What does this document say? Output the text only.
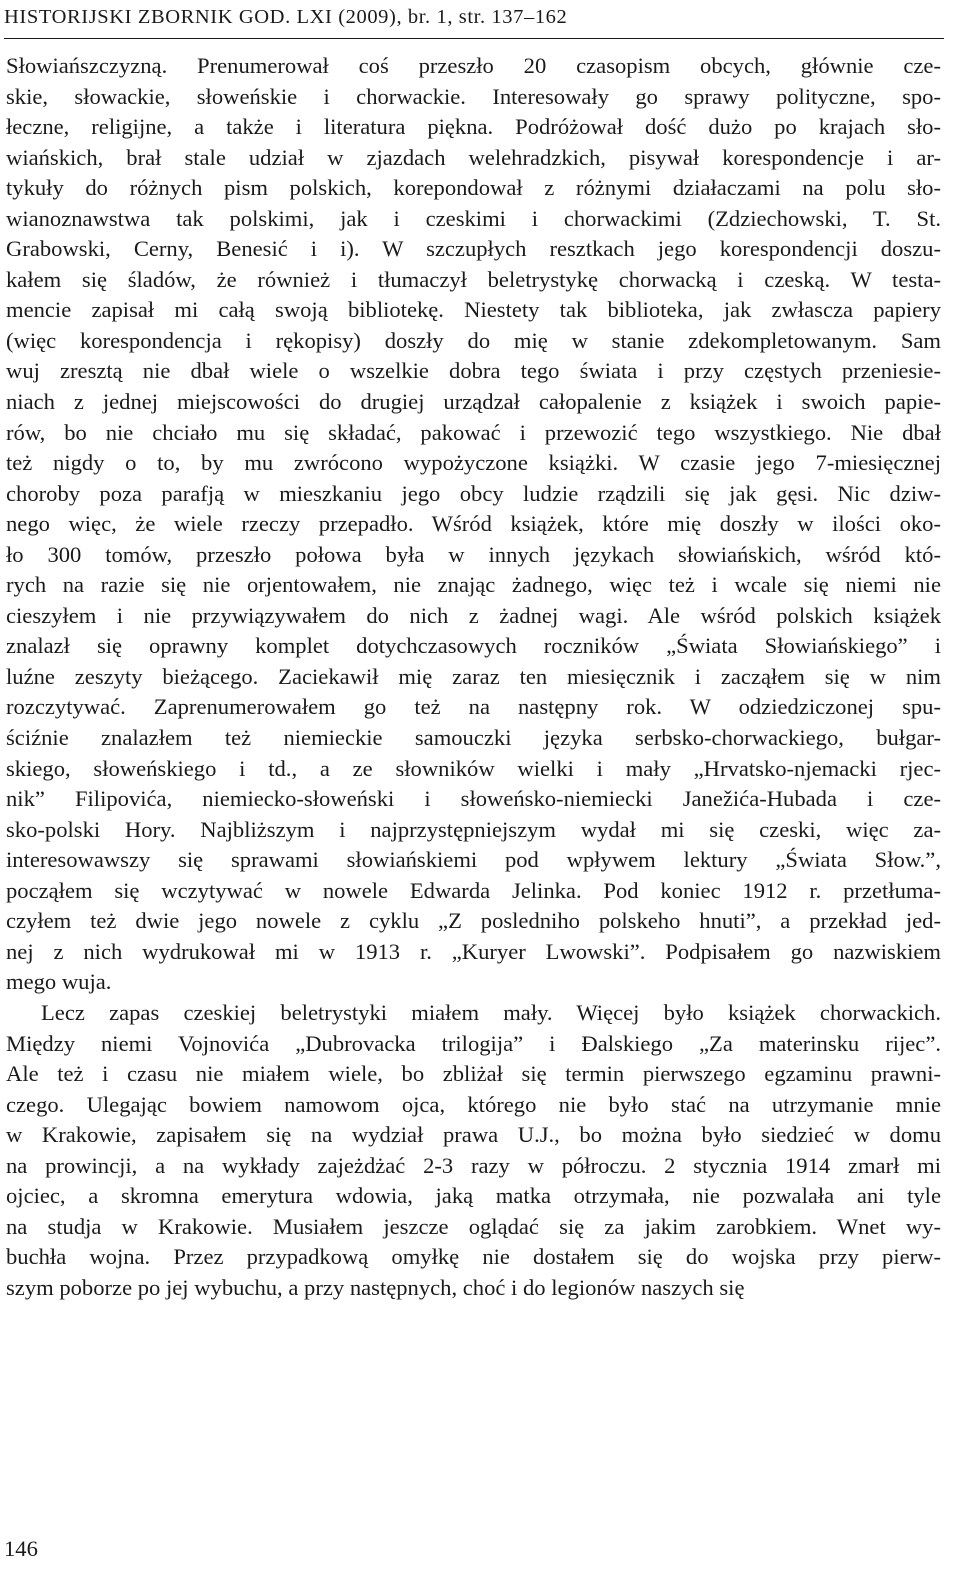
HISTORIJSKI ZBORNIK GOD. LXI (2009), br. 1, str. 137–162

Słowiańszczyzną. Prenumerował coś przeszło 20 czasopism obcych, głównie cze-
skie, słowackie, słoweńskie i chorwackie. Interesowały go sprawy polityczne, spo-
łeczne, religijne, a także i literatura piękna. Podróżował dość dużo po krajach sło-
wiańskich, brał stale udział w zjazdach welehradzkich, pisywał korespondencje i ar-
tykuły do różnych pism polskich, korepondował z różnymi działaczami na polu sło-
wianoznawstwa tak polskimi, jak i czeskimi i chorwackimi (Zdziechowski, T. St.
Grabowski, Cerny, Benesić i i). W szczupłych resztkach jego korespondencji doszu-
kałem się śladów, że również i tłumaczył beletrystykę chorwacką i czeską. W testa-
mencie zapisał mi całą swoją bibliotekę. Niestety tak biblioteka, jak zwłascza papiery
(więc korespondencja i rękopisy) doszły do mię w stanie zdekompletowanym. Sam
wuj zresztą nie dbał wiele o wszelkie dobra tego świata i przy częstych przeniesie-
niach z jednej miejscowości do drugiej urządzał całopalenie z książek i swoich papie-
rów, bo nie chciało mu się składać, pakować i przewozić tego wszystkiego. Nie dbał
też nigdy o to, by mu zwrócono wypożyczone książki. W czasie jego 7-miesięcznej
choroby poza parafją w mieszkaniu jego obcy ludzie rządzili się jak gęsi. Nic dziw-
nego więc, że wiele rzeczy przepadło. Wśród książek, które mię doszły w ilości oko-
ło 300 tomów, przeszło połowa była w innych językach słowiańskich, wśród któ-
rych na razie się nie orjentowałem, nie znając żadnego, więc też i wcale się niemi nie
cieszyłem i nie przywiązywałem do nich z żadnej wagi. Ale wśród polskich książek
znalazł się oprawny komplet dotychczasowych roczników „Świata Słowiańskiego” i
luźne zeszyty bieżącego. Zaciekawił mię zaraz ten miesięcznik i zacząłem się w nim
rozczytywać. Zaprenumerowałem go też na następny rok. W odziedziczonej spu-
ściźnie znalazłem też niemieckie samouczki języka serbsko-chorwackiego, bułgar-
skiego, słoweńskiego i td., a ze słowników wielki i mały „Hrvatsko-njemacki rjec-
nik” Filipovića, niemiecko-słoweński i słoweńsko-niemiecki Janežića-Hubada i cze-
sko-polski Hory. Najbliższym i najprzystępniejszym wydał mi się czeski, więc za-
interesowawszy się sprawami słowiańskiemi pod wpływem lektury „Świata Słow.”,
począłem się wczytywać w nowele Edwarda Jelinka. Pod koniec 1912 r. przetłuma-
czyłem też dwie jego nowele z cyklu „Z posledniho polskeho hnuti”, a przekład jed-
nej z nich wydrukował mi w 1913 r. „Kuryer Lwowski”. Podpisałem go nazwiskiem
mego wuja.

Lecz zapas czeskiej beletrystyki miałem mały. Więcej było książek chorwackich.
Między niemi Vojnovića „Dubrovacka trilogija” i Đalskiego „Za materinsku rijec”.
Ale też i czasu nie miałem wiele, bo zbliżał się termin pierwszego egzaminu prawni-
czego. Ulegając bowiem namowom ojca, którego nie było stać na utrzymanie mnie
w Krakowie, zapisałem się na wydział prawa U.J., bo można było siedzieć w domu
na prowincji, a na wykłady zajeżdżać 2-3 razy w półroczu. 2 stycznia 1914 zmarł mi
ojciec, a skromna emerytura wdowia, jaką matka otrzymała, nie pozwalała ani tyle
na studja w Krakowie. Musiałem jeszcze oglądać się za jakim zarobkiem. Wnet wy-
buchła wojna. Przez przypadkową omyłkę nie dostałem się do wojska przy pierw-
szym poborze po jej wybuchu, a przy następnych, choć i do legionów naszych się

146
